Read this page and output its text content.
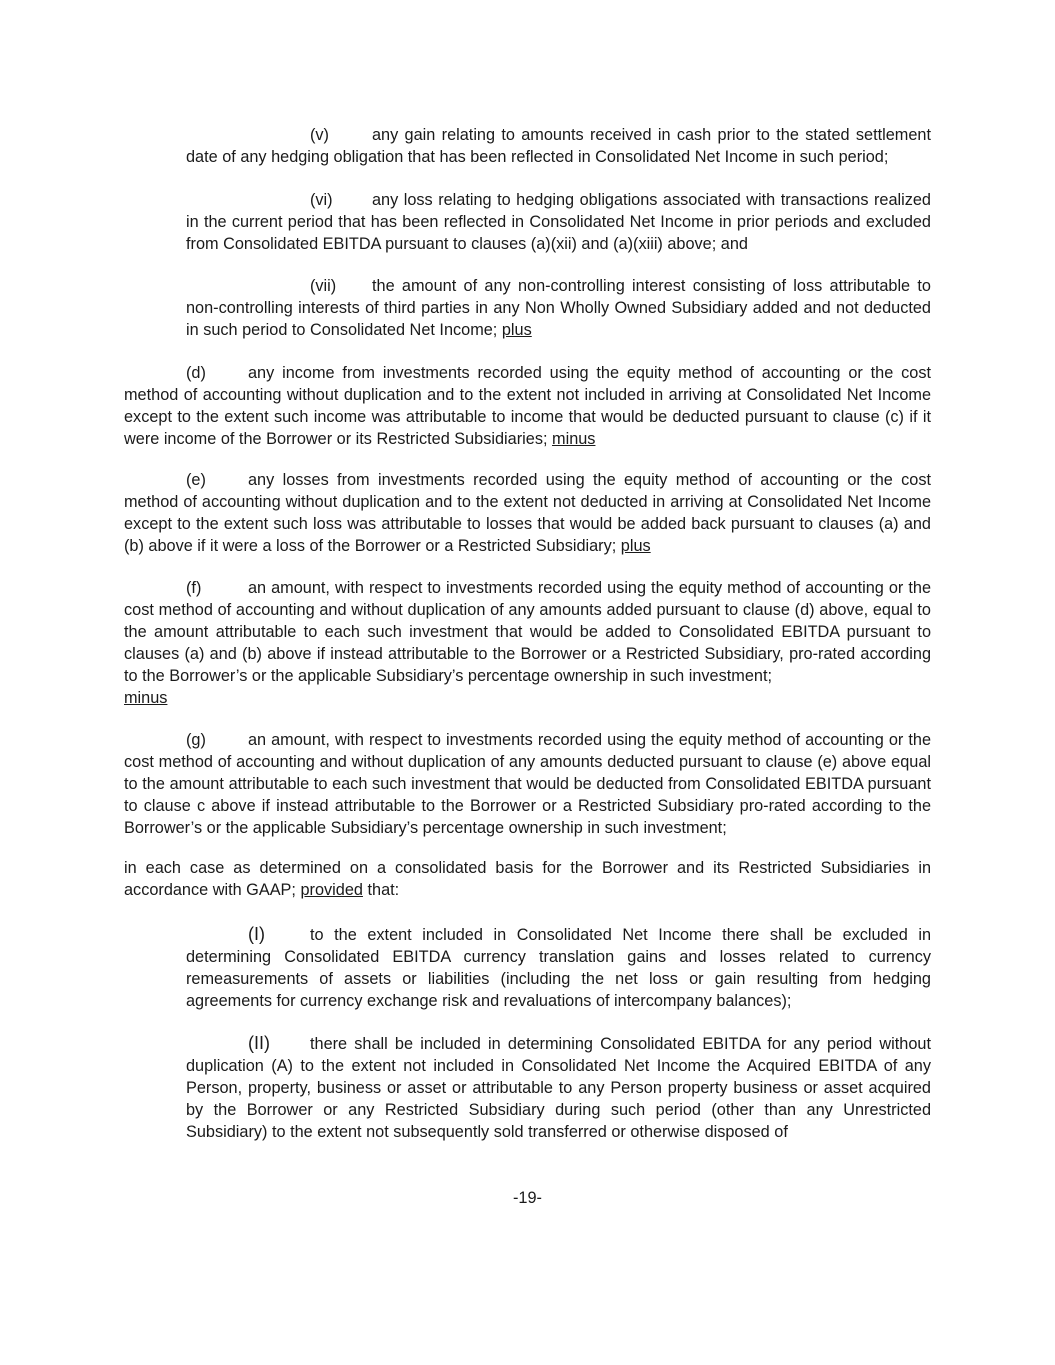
(v)	any gain relating to amounts received in cash prior to the stated settlement date of any hedging obligation that has been reflected in Consolidated Net Income in such period;

(vi) any loss relating to hedging obligations associated with transactions realized in the current period that has been reflected in Consolidated Net Income in prior periods and excluded from Consolidated EBITDA pursuant to clauses (a)(xii) and (a)(xiii) above; and

(vii) the amount of any non-controlling interest consisting of loss attributable to non-controlling interests of third parties in any Non Wholly Owned Subsidiary added and not deducted in such period to Consolidated Net Income; plus

(d)	any income from investments recorded using the equity method of accounting or the cost method of accounting without duplication and to the extent not included in arriving at Consolidated Net Income except to the extent such income was attributable to income that would be deducted pursuant to clause (c) if it were income of the Borrower or its Restricted Subsidiaries; minus

(e)	any losses from investments recorded using the equity method of accounting or the cost method of accounting without duplication and to the extent not deducted in arriving at Consolidated Net Income except to the extent such loss was attributable to losses that would be added back pursuant to clauses (a) and (b) above if it were a loss of the Borrower or a Restricted Subsidiary; plus

(f)	an amount, with respect to investments recorded using the equity method of accounting or the cost method of accounting and without duplication of any amounts added pursuant to clause (d) above, equal to the amount attributable to each such investment that would be added to Consolidated EBITDA pursuant to clauses (a) and (b) above if instead attributable to the Borrower or a Restricted Subsidiary, pro-rated according to the Borrower’s or the applicable Subsidiary’s percentage ownership in such investment;
minus

(g)	an amount, with respect to investments recorded using the equity method of accounting or the cost method of accounting and without duplication of any amounts deducted pursuant to clause (e) above equal to the amount attributable to each such investment that would be deducted from Consolidated EBITDA pursuant to clause c above if instead attributable to the Borrower or a Restricted Subsidiary pro-rated according to the Borrower’s or the applicable Subsidiary’s percentage ownership in such investment;

in each case as determined on a consolidated basis for the Borrower and its Restricted Subsidiaries in accordance with GAAP; provided that:

(I)	to the extent included in Consolidated Net Income there shall be excluded in determining Consolidated EBITDA currency translation gains and losses related to currency remeasurements of assets or liabilities (including the net loss or gain resulting from hedging agreements for currency exchange risk and revaluations of intercompany balances);

(II) there shall be included in determining Consolidated EBITDA for any period without duplication (A) to the extent not included in Consolidated Net Income the Acquired EBITDA of any Person, property, business or asset or attributable to any Person property business or asset acquired by the Borrower or any Restricted Subsidiary during such period (other than any Unrestricted Subsidiary) to the extent not subsequently sold transferred or otherwise disposed of

-19-
